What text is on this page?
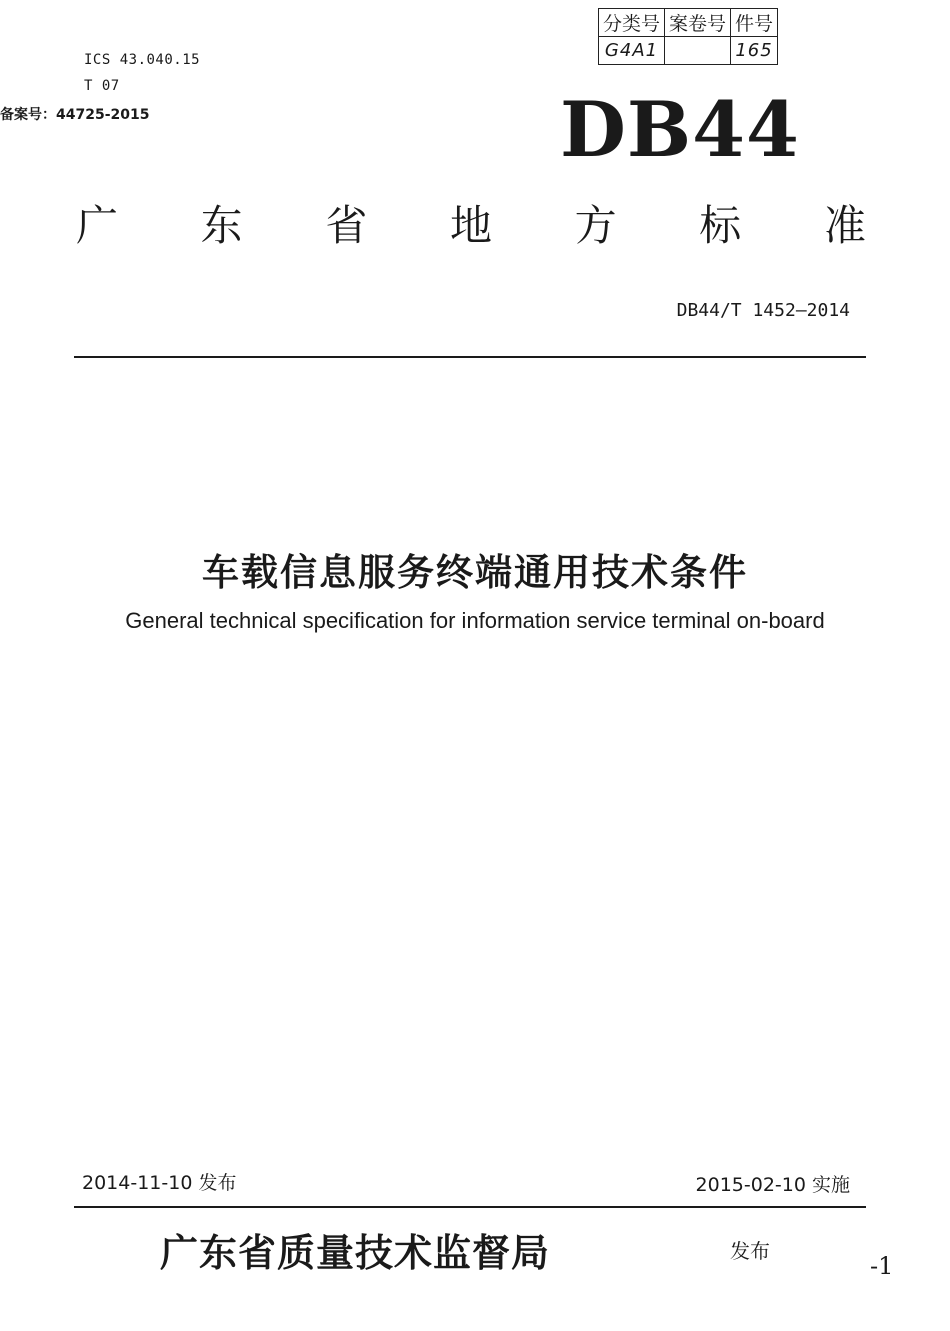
ICS 43.040.15
T 07
备案号：44725-2015
分类号	案卷号	件号
G4A1		165
DB44
广 东 省 地 方 标 准
DB44/T 1452—2014
车载信息服务终端通用技术条件
General technical specification for information service terminal on-board
2014-11-10 发布	2015-02-10 实施
广东省质量技术监督局	发布
-1
